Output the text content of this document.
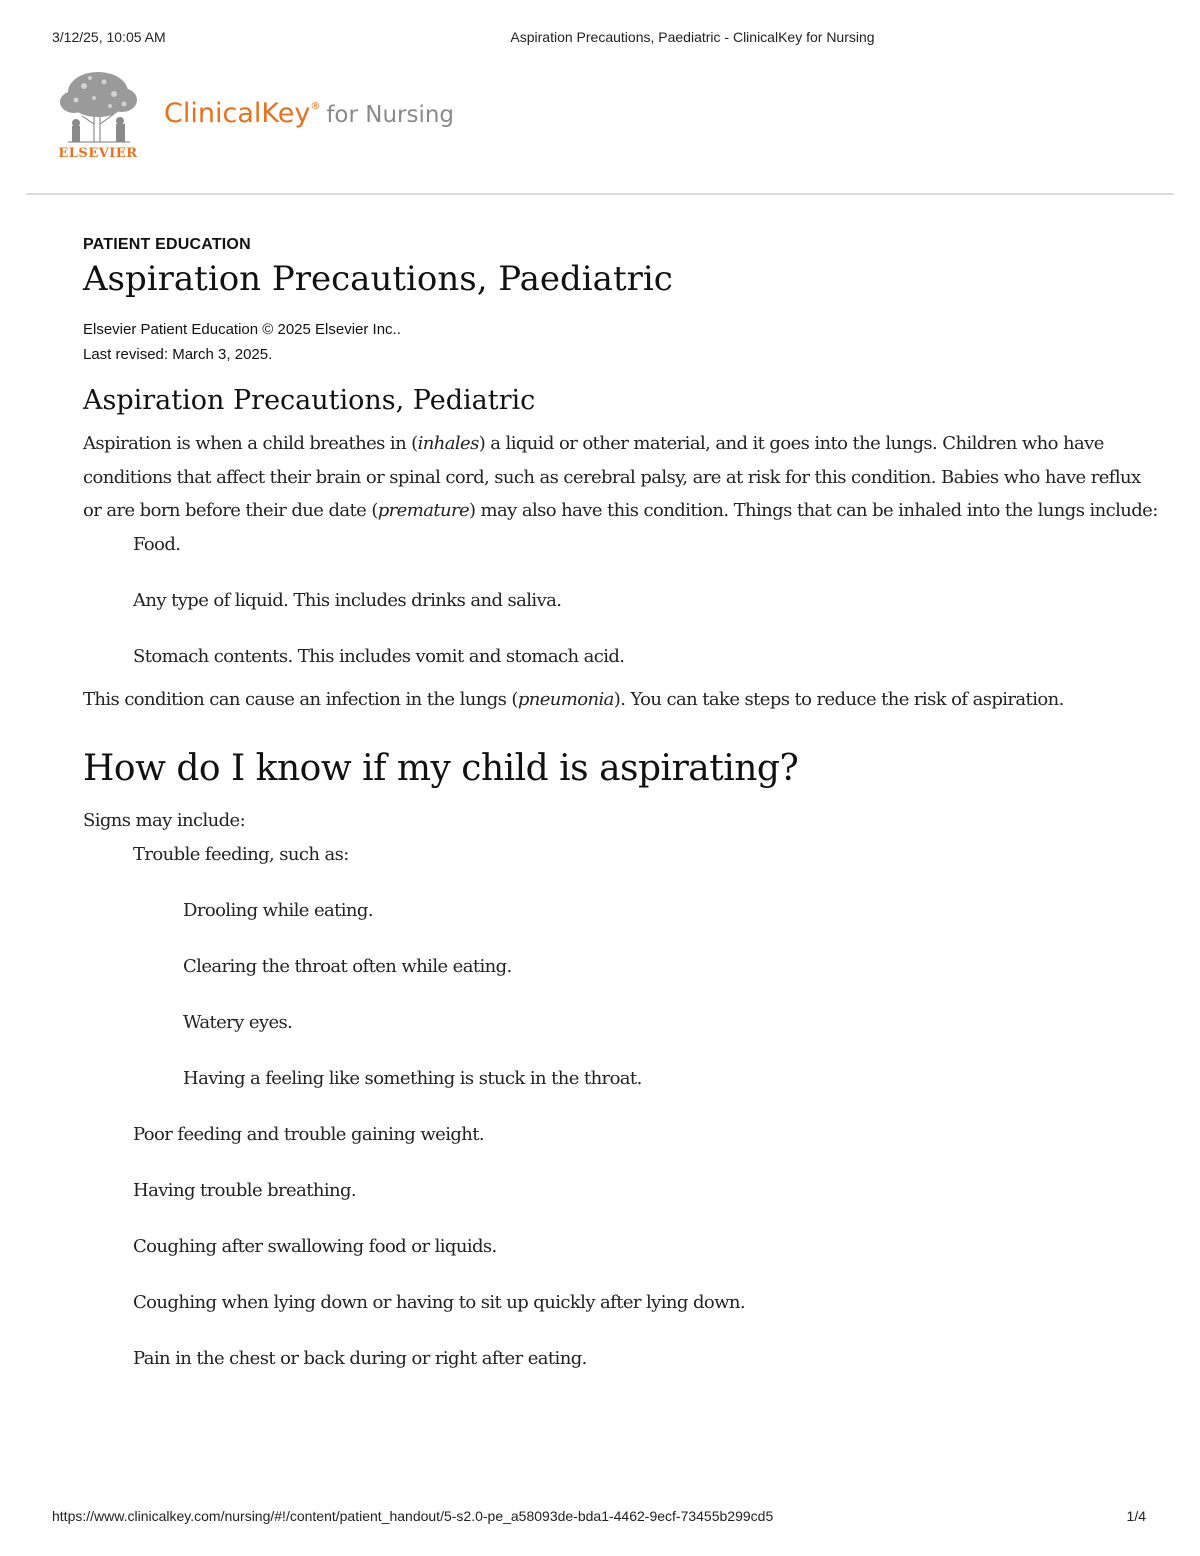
3/12/25, 10:05 AM	Aspiration Precautions, Paediatric - ClinicalKey for Nursing
ELSEVIER
ClinicalKey® for Nursing

PATIENT EDUCATION

Aspiration Precautions, Paediatric
Elsevier Patient Education © 2025 Elsevier Inc..
Last revised: March 3, 2025.
Aspiration Precautions, Pediatric

Aspiration is when a child breathes in (inhales) a liquid or other material, and it goes into the lungs. Children who have conditions that affect their brain or spinal cord, such as cerebral palsy, are at risk for this condition. Babies who have reflux or are born before their due date (premature) may also have this condition. Things that can be inhaled into the lungs include:

Food.
Any type of liquid. This includes drinks and saliva.
Stomach contents. This includes vomit and stomach acid.

This condition can cause an infection in the lungs (pneumonia). You can take steps to reduce the risk of aspiration.

How do I know if my child is aspirating?

Signs may include:

Trouble feeding, such as:
Drooling while eating.
Clearing the throat often while eating.
Watery eyes.
Having a feeling like something is stuck in the throat.
Poor feeding and trouble gaining weight.
Having trouble breathing.
Coughing after swallowing food or liquids.
Coughing when lying down or having to sit up quickly after lying down.
Pain in the chest or back during or right after eating.
https://www.clinicalkey.com/nursing/#!/content/patient_handout/5-s2.0-pe_a58093de-bda1-4462-9ecf-73455b299cd5	1/4
